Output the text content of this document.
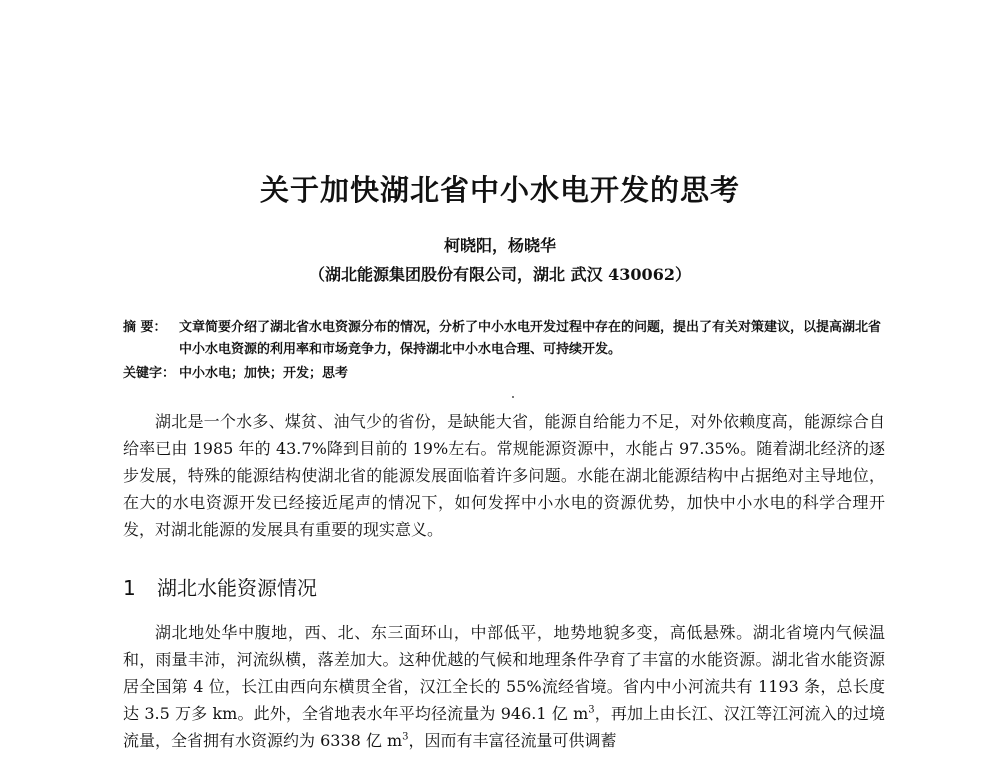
关于加快湖北省中小水电开发的思考
柯晓阳，杨晓华
（湖北能源集团股份有限公司，湖北 武汉 430062）
摘 要： 文章简要介绍了湖北省水电资源分布的情况，分析了中小水电开发过程中存在的问题，提出了有关对策建议，以提高湖北省中小水电资源的利用率和市场竞争力，保持湖北中小水电合理、可持续开发。
关键字： 中小水电；加快；开发；思考

湖北是一个水多、煤贫、油气少的省份，是缺能大省，能源自给能力不足，对外依赖度高，能源综合自给率已由 1985 年的 43.7%降到目前的 19%左右。常规能源资源中，水能占 97.35%。随着湖北经济的逐步发展，特殊的能源结构使湖北省的能源发展面临着许多问题。水能在湖北能源结构中占据绝对主导地位，在大的水电资源开发已经接近尾声的情况下，如何发挥中小水电的资源优势，加快中小水电的科学合理开发，对湖北能源的发展具有重要的现实意义。

1 湖北水能资源情况

湖北地处华中腹地，西、北、东三面环山，中部低平，地势地貌多变，高低悬殊。湖北省境内气候温和，雨量丰沛，河流纵横，落差加大。这种优越的气候和地理条件孕育了丰富的水能资源。湖北省水能资源居全国第 4 位，长江由西向东横贯全省，汉江全长的 55%流经省境。省内中小河流共有 1193 条，总长度达 3.5 万多 km。此外，全省地表水年平均径流量为 946.1 亿 $m^3$，再加上由长江、汉江等江河流入的过境流量，全省拥有水资源约为 6338 亿 $m^3$，因而有丰富径流量可供调蓄
